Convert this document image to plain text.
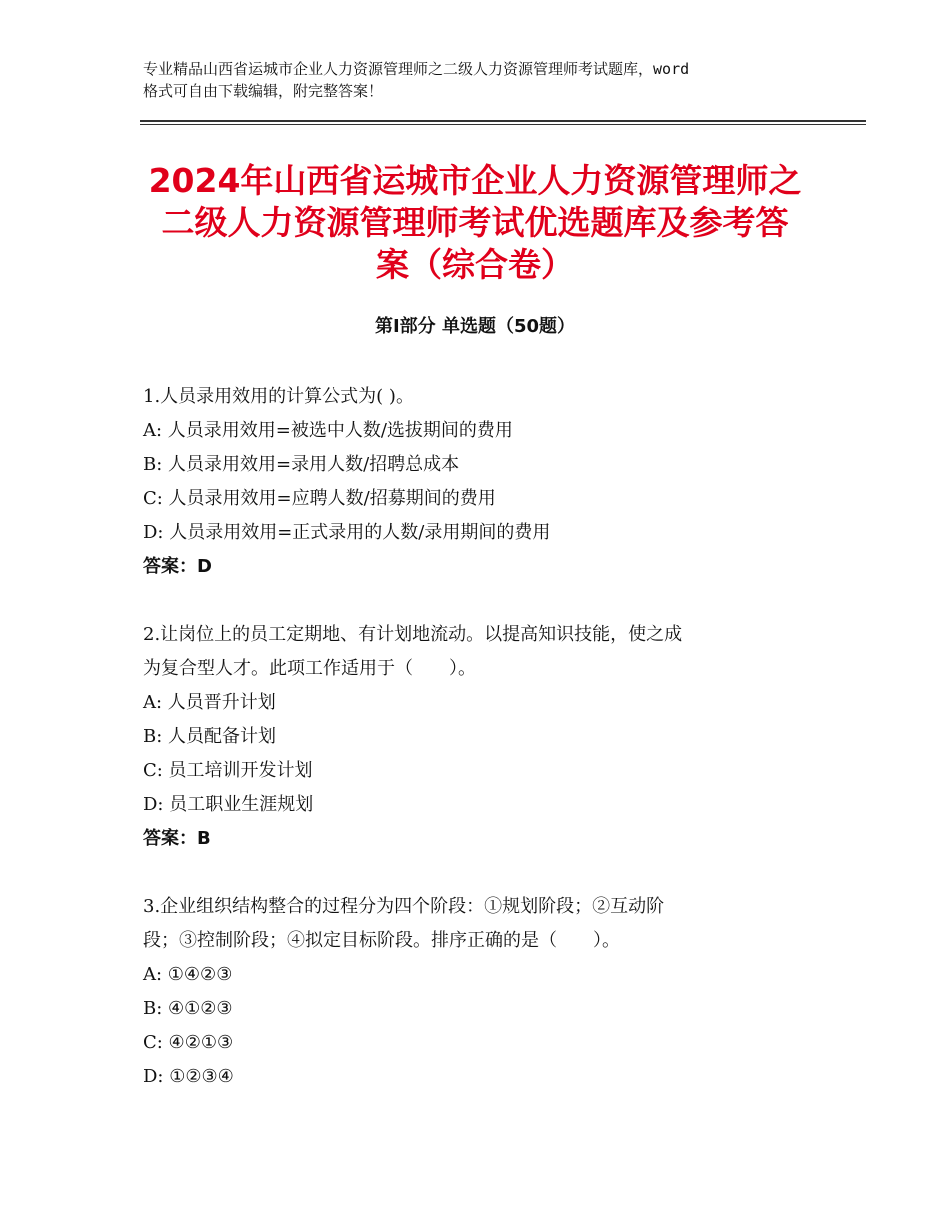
专业精品山西省运城市企业人力资源管理师之二级人力资源管理师考试题库，word
格式可自由下载编辑，附完整答案！
2024年山西省运城市企业人力资源管理师之
二级人力资源管理师考试优选题库及参考答
案（综合卷）
第Ⅰ部分 单选题（50题）
1.人员录用效用的计算公式为( )。
A: 人员录用效用=被选中人数/选拔期间的费用
B: 人员录用效用=录用人数/招聘总成本
C: 人员录用效用=应聘人数/招募期间的费用
D: 人员录用效用=正式录用的人数/录用期间的费用
答案：D
2.让岗位上的员工定期地、有计划地流动。以提高知识技能，使之成
为复合型人才。此项工作适用于（　　）。
A: 人员晋升计划
B: 人员配备计划
C: 员工培训开发计划
D: 员工职业生涯规划
答案：B
3.企业组织结构整合的过程分为四个阶段：①规划阶段；②互动阶
段；③控制阶段；④拟定目标阶段。排序正确的是（　　）。
A: ①④②③
B: ④①②③
C: ④②①③
D: ①②③④
